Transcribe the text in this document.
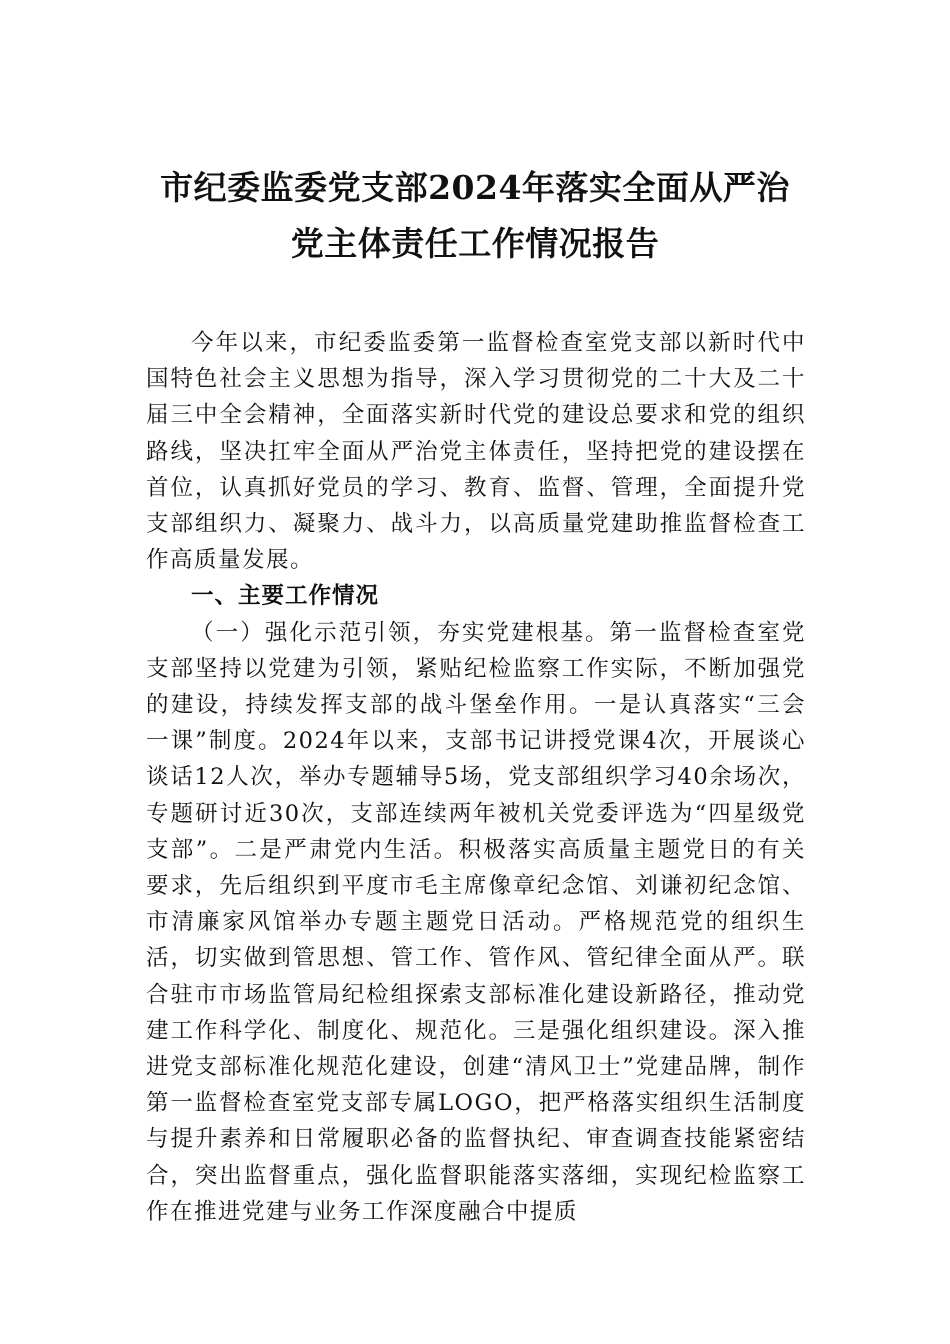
市纪委监委党支部2024年落实全面从严治
党主体责任工作情况报告

今年以来，市纪委监委第一监督检查室党支部以新时代中国特色社会主义思想为指导，深入学习贯彻党的二十大及二十届三中全会精神，全面落实新时代党的建设总要求和党的组织路线，坚决扛牢全面从严治党主体责任，坚持把党的建设摆在首位，认真抓好党员的学习、教育、监督、管理，全面提升党支部组织力、凝聚力、战斗力，以高质量党建助推监督检查工作高质量发展。

一、主要工作情况

（一）强化示范引领，夯实党建根基。第一监督检查室党支部坚持以党建为引领，紧贴纪检监察工作实际，不断加强党的建设，持续发挥支部的战斗堡垒作用。一是认真落实“三会一课”制度。2024年以来，支部书记讲授党课4次，开展谈心谈话12人次，举办专题辅导5场，党支部组织学习40余场次，专题研讨近30次，支部连续两年被机关党委评选为“四星级党支部”。二是严肃党内生活。积极落实高质量主题党日的有关要求，先后组织到平度市毛主席像章纪念馆、刘谦初纪念馆、市清廉家风馆举办专题主题党日活动。严格规范党的组织生活，切实做到管思想、管工作、管作风、管纪律全面从严。联合驻市市场监管局纪检组探索支部标准化建设新路径，推动党建工作科学化、制度化、规范化。三是强化组织建设。深入推进党支部标准化规范化建设，创建“清风卫士”党建品牌，制作第一监督检查室党支部专属LOGO，把严格落实组织生活制度与提升素养和日常履职必备的监督执纪、审查调查技能紧密结合，突出监督重点，强化监督职能落实落细，实现纪检监察工作在推进党建与业务工作深度融合中提质
